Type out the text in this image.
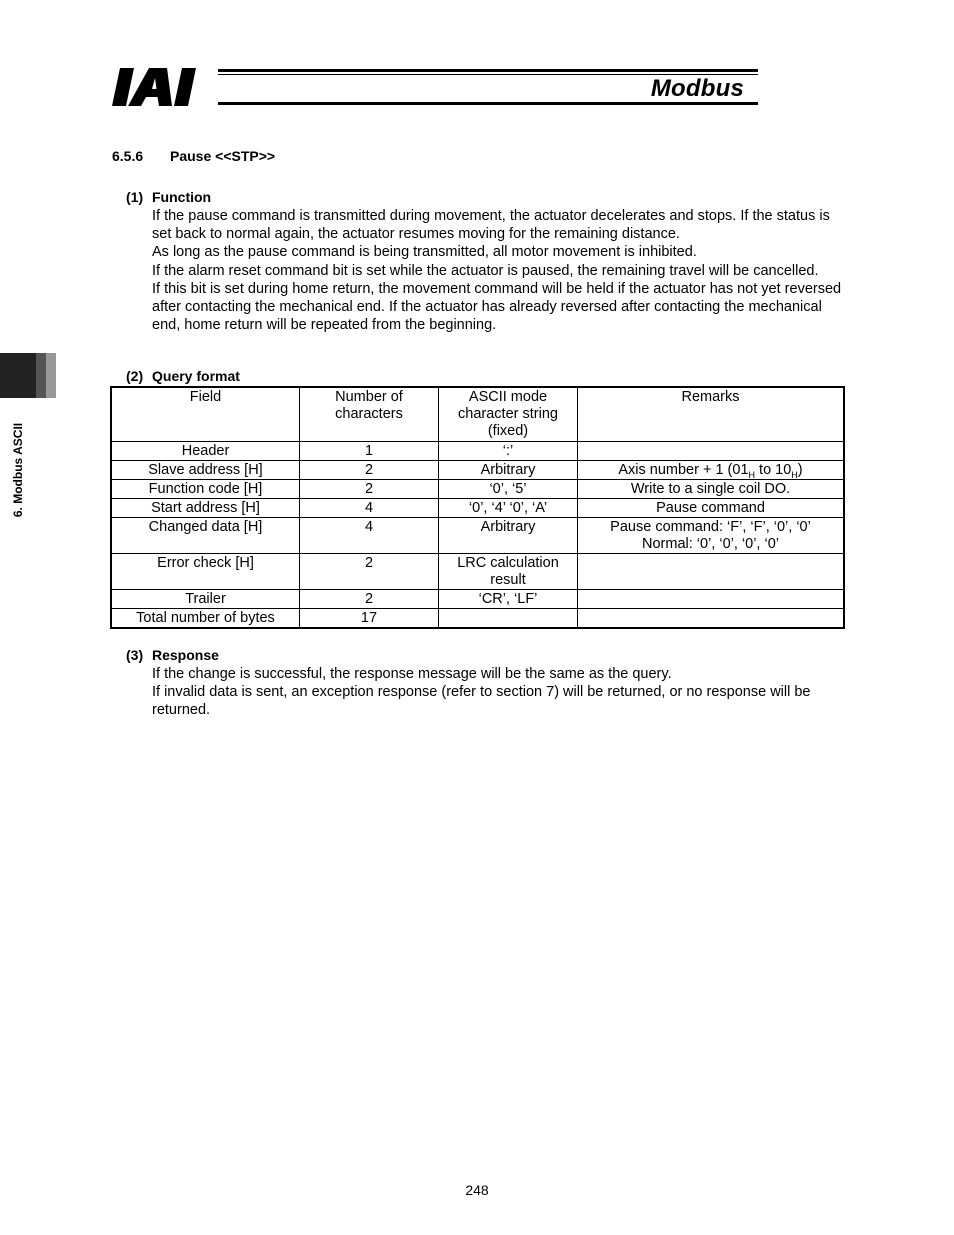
Modbus
6. Modbus ASCII
6.5.6 Pause <<STP>>
(1) Function

If the pause command is transmitted during movement, the actuator decelerates and stops. If the status is set back to normal again, the actuator resumes moving for the remaining distance.

As long as the pause command is being transmitted, all motor movement is inhibited.

If the alarm reset command bit is set while the actuator is paused, the remaining travel will be cancelled.

If this bit is set during home return, the movement command will be held if the actuator has not yet reversed after contacting the mechanical end. If the actuator has already reversed after contacting the mechanical end, home return will be repeated from the beginning.

(2) Query format
Field	Number of characters	ASCII mode character string (fixed)	Remarks
Header	1	‘:’	
Slave address [H]	2	Arbitrary	Axis number + 1 ($01_H$ to $10_H$)
Function code [H]	2	‘0’, ‘5’	Write to a single coil DO.
Start address [H]	4	‘0’, ‘4’ ‘0’, ‘A’	Pause command
Changed data [H]	4	Arbitrary	Pause command: ‘F’, ‘F’, ‘0’, ‘0’
Normal: ‘0’, ‘0’, ‘0’, ‘0’

Error check [H]	2	LRC calculation result	
Trailer	2	‘CR’, ‘LF’	
Total number of bytes	17		
(3) Response

If the change is successful, the response message will be the same as the query.

If invalid data is sent, an exception response (refer to section 7) will be returned, or no response will be returned.

248
